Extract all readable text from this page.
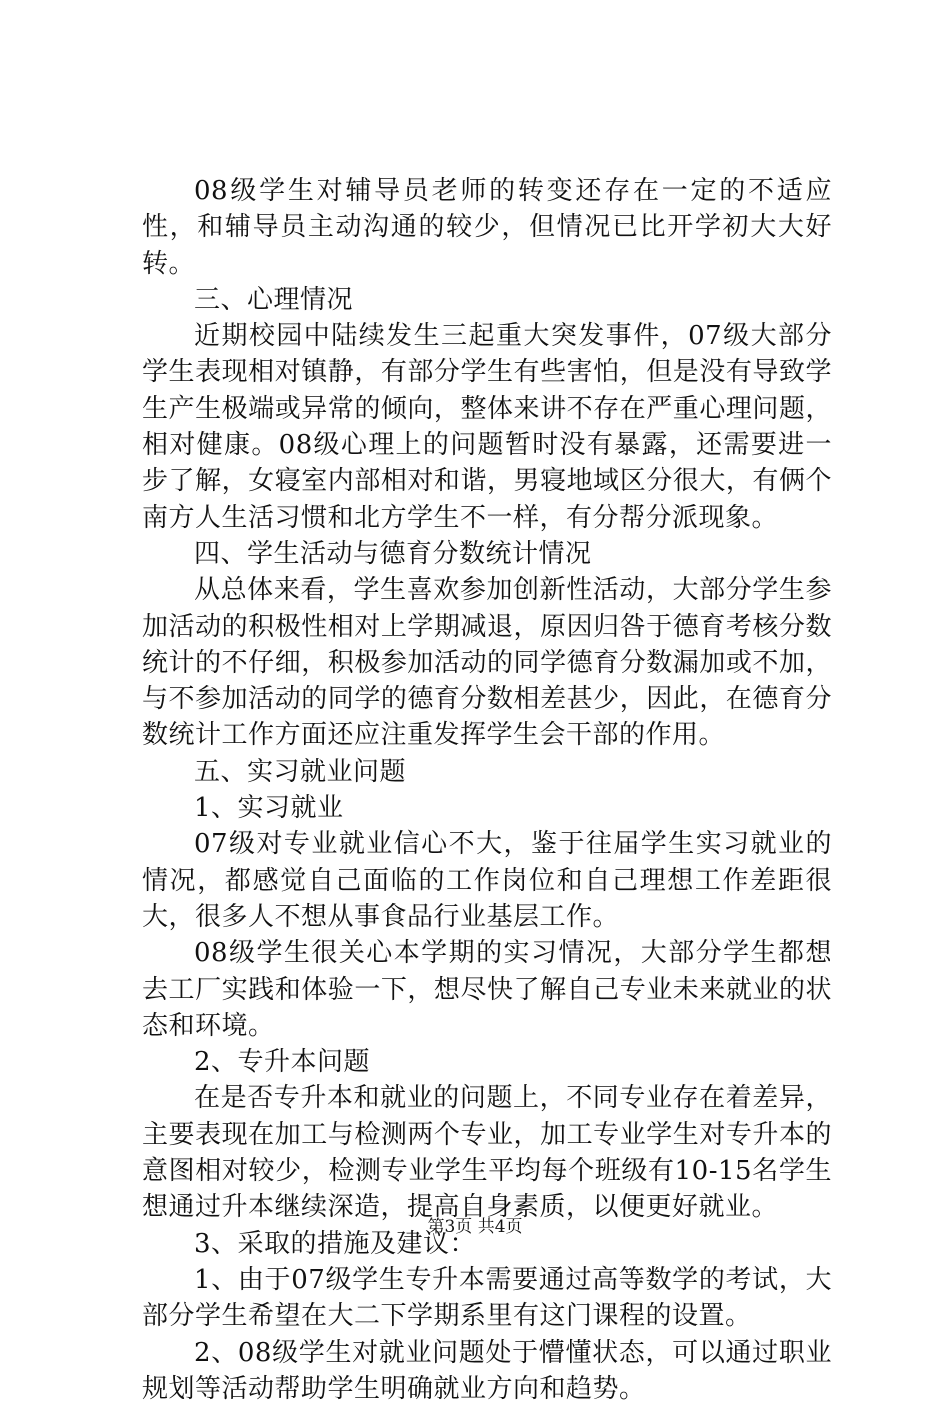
08级学生对辅导员老师的转变还存在一定的不适应性，和辅导员主动沟通的较少，但情况已比开学初大大好转。

三、心理情况

近期校园中陆续发生三起重大突发事件，07级大部分学生表现相对镇静，有部分学生有些害怕，但是没有导致学生产生极端或异常的倾向，整体来讲不存在严重心理问题，相对健康。08级心理上的问题暂时没有暴露，还需要进一步了解，女寝室内部相对和谐，男寝地域区分很大，有俩个南方人生活习惯和北方学生不一样，有分帮分派现象。

四、学生活动与德育分数统计情况

从总体来看，学生喜欢参加创新性活动，大部分学生参加活动的积极性相对上学期减退，原因归咎于德育考核分数统计的不仔细，积极参加活动的同学德育分数漏加或不加，与不参加活动的同学的德育分数相差甚少，因此，在德育分数统计工作方面还应注重发挥学生会干部的作用。

五、实习就业问题

1、实习就业

07级对专业就业信心不大，鉴于往届学生实习就业的情况，都感觉自己面临的工作岗位和自己理想工作差距很大，很多人不想从事食品行业基层工作。

08级学生很关心本学期的实习情况，大部分学生都想去工厂实践和体验一下，想尽快了解自己专业未来就业的状态和环境。

2、专升本问题

在是否专升本和就业的问题上，不同专业存在着差异，主要表现在加工与检测两个专业，加工专业学生对专升本的意图相对较少，检测专业学生平均每个班级有10-15名学生想通过升本继续深造，提高自身素质，以便更好就业。

3、采取的措施及建议：

1、由于07级学生专升本需要通过高等数学的考试，大部分学生希望在大二下学期系里有这门课程的设置。

2、08级学生对就业问题处于懵懂状态，可以通过职业规划等活动帮助学生明确就业方向和趋势。

第3页 共4页
